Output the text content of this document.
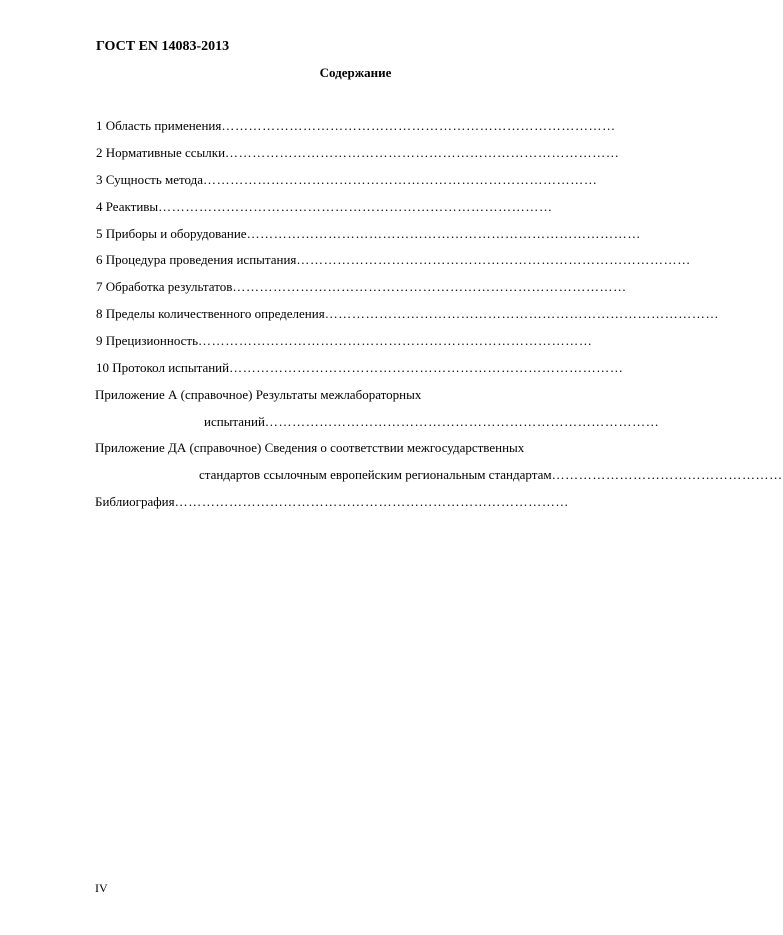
ГОСТ EN 14083-2013
Содержание
1 Область применения ……………………………………………………………………………
2 Нормативные ссылки ……………………………………………………………………………
3 Сущность метода ……………………………………………………………………………
4 Реактивы ……………………………………………………………………………
5 Приборы и оборудование ……………………………………………………………………………
6 Процедура проведения испытания ……………………………………………………………………………
7 Обработка результатов ……………………………………………………………………………
8 Пределы количественного определения ……………………………………………………………………………
9 Прецизионность ……………………………………………………………………………
10 Протокол испытаний ……………………………………………………………………………
Приложение А (справочное) Результаты межлабораторных
испытаний ……………………………………………………………………………
Приложение ДА (справочное) Сведения о соответствии межгосударственных
стандартов ссылочным европейским региональным стандартам ……………………………………………
Библиография ……………………………………………………………………………
IV
